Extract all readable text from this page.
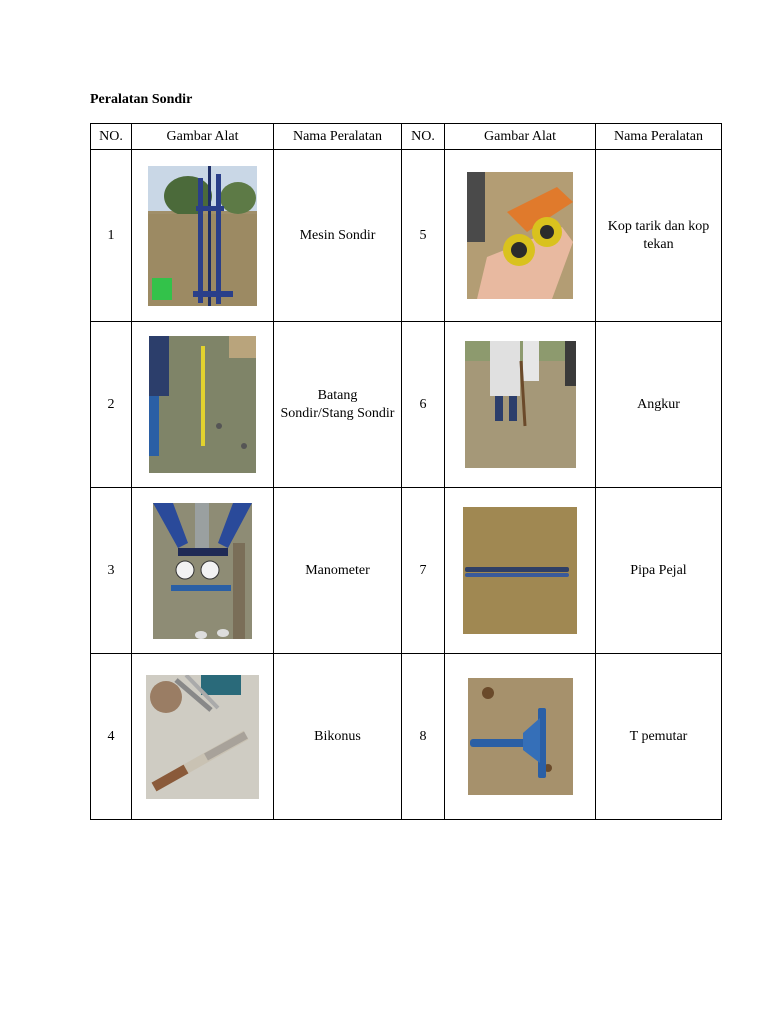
Peralatan Sondir
NO.	Gambar Alat	Nama Peralatan	NO.	Gambar Alat	Nama Peralatan
1		Mesin Sondir	5		Kop tarik dan kop tekan

2		Batang Sondir/Stang Sondir	6		Angkur

3		Manometer	7		Pipa Pejal

4		Bikonus	8		T pemutar
